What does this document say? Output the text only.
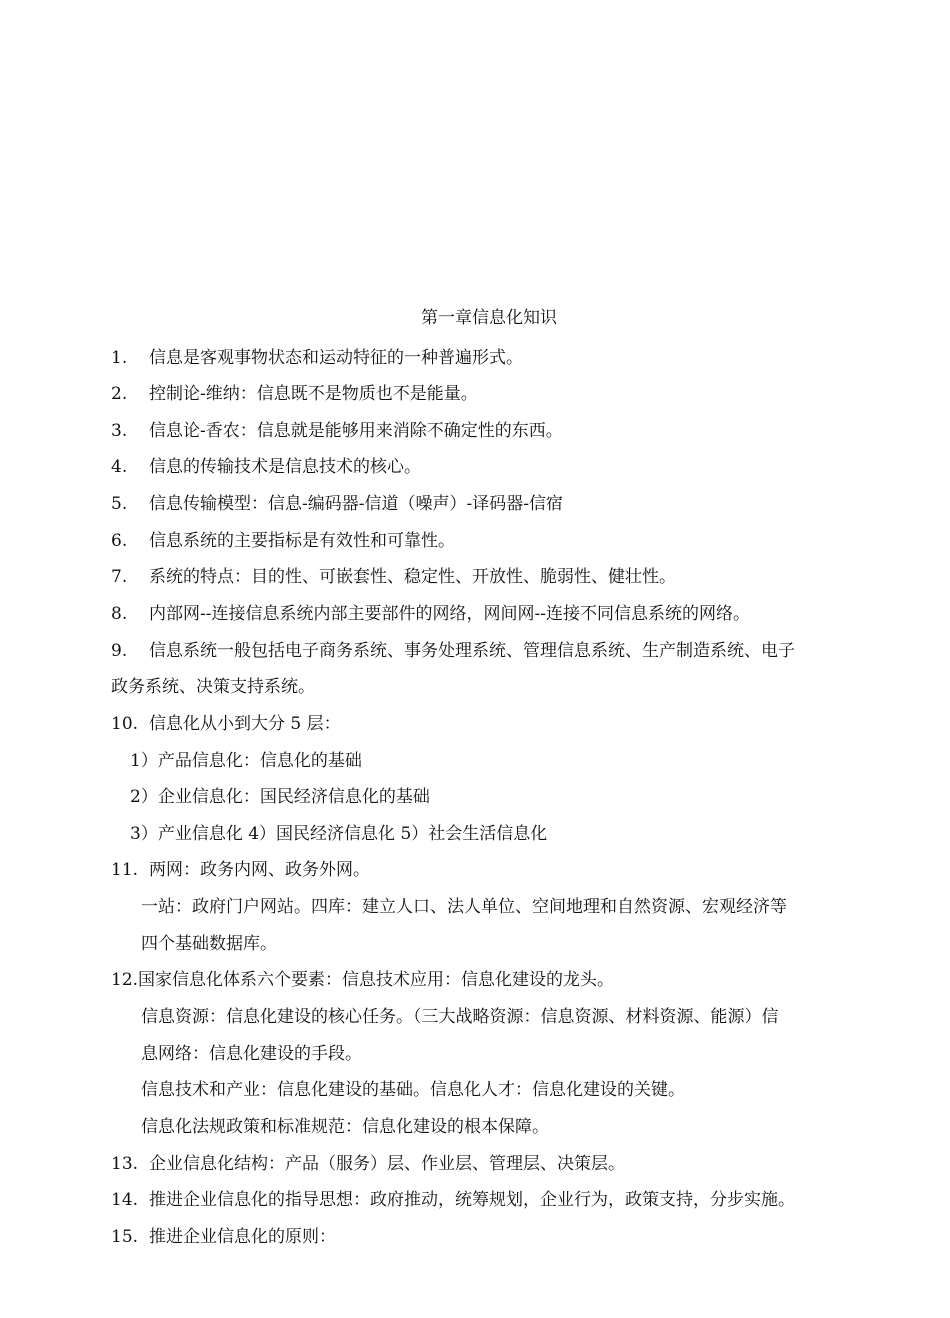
第一章信息化知识
1. 信息是客观事物状态和运动特征的一种普遍形式。
2. 控制论-维纳：信息既不是物质也不是能量。
3. 信息论-香农：信息就是能够用来消除不确定性的东西。
4. 信息的传输技术是信息技术的核心。
5. 信息传输模型：信息-编码器-信道（噪声）-译码器-信宿
6. 信息系统的主要指标是有效性和可靠性。
7. 系统的特点：目的性、可嵌套性、稳定性、开放性、脆弱性、健壮性。
8. 内部网--连接信息系统内部主要部件的网络，网间网--连接不同信息系统的网络。
9. 信息系统一般包括电子商务系统、事务处理系统、管理信息系统、生产制造系统、电子
政务系统、决策支持系统。
10. 信息化从小到大分 5 层：
1）产品信息化：信息化的基础
2）企业信息化：国民经济信息化的基础
3）产业信息化 4）国民经济信息化 5）社会生活信息化
11. 两网：政务内网、政务外网。
一站：政府门户网站。四库：建立人口、法人单位、空间地理和自然资源、宏观经济等
四个基础数据库。
12.国家信息化体系六个要素：信息技术应用：信息化建设的龙头。
信息资源：信息化建设的核心任务。（三大战略资源：信息资源、材料资源、能源）信
息网络：信息化建设的手段。
信息技术和产业：信息化建设的基础。信息化人才：信息化建设的关键。
信息化法规政策和标准规范：信息化建设的根本保障。
13. 企业信息化结构：产品（服务）层、作业层、管理层、决策层。
14. 推进企业信息化的指导思想：政府推动，统筹规划，企业行为，政策支持，分步实施。
15. 推进企业信息化的原则：
